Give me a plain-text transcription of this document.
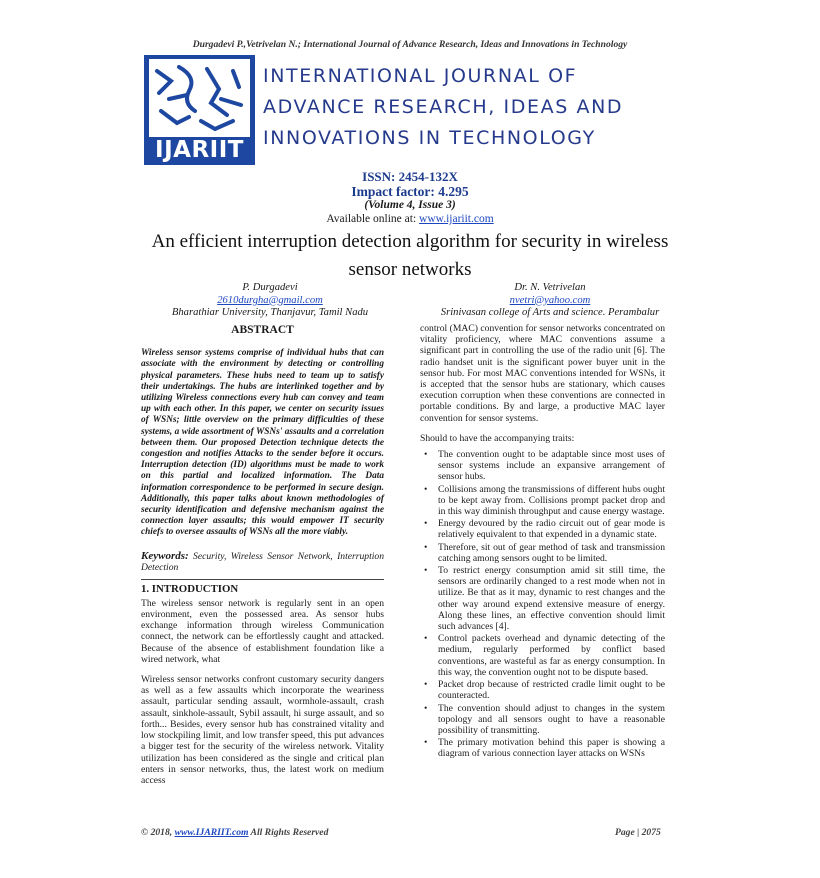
Durgadevi P.,Vetrivelan N.; International Journal of Advance Research, Ideas and Innovations in Technology
IJARIIT
INTERNATIONAL JOURNAL OF
ADVANCE RESEARCH, IDEAS AND
INNOVATIONS IN TECHNOLOGY
ISSN: 2454-132X
Impact factor: 4.295
(Volume 4, Issue 3)
Available online at: www.ijariit.com
An efficient interruption detection algorithm for security in wireless sensor networks
P. Durgadevi
2610durgha@gmail.com
Bharathiar University, Thanjavur, Tamil Nadu
Dr. N. Vetrivelan
nvetri@yahoo.com
Srinivasan college of Arts and science. Perambalur
ABSTRACT
Wireless sensor systems comprise of individual hubs that can associate with the environment by detecting or controlling physical parameters. These hubs need to team up to satisfy their undertakings. The hubs are interlinked together and by utilizing Wireless connections every hub can convey and team up with each other. In this paper, we center on security issues of WSNs; little overview on the primary difficulties of these systems, a wide assortment of WSNs' assaults and a correlation between them. Our proposed Detection technique detects the congestion and notifies Attacks to the sender before it occurs. Interruption detection (ID) algorithms must be made to work on this partial and localized information. The Data information correspondence to be performed in secure design. Additionally, this paper talks about known methodologies of security identification and defensive mechanism against the connection layer assaults; this would empower IT security chiefs to oversee assaults of WSNs all the more viably.
Keywords: Security, Wireless Sensor Network, Interruption Detection
1. INTRODUCTION
The wireless sensor network is regularly sent in an open environment, even the possessed area. As sensor hubs exchange information through wireless Communication connect, the network can be effortlessly caught and attacked. Because of the absence of establishment foundation like a wired network, what
Wireless sensor networks confront customary security dangers as well as a few assaults which incorporate the weariness assault, particular sending assault, wormhole-assault, crash assault, sinkhole-assault, Sybil assault, hi surge assault, and so forth... Besides, every sensor hub has constrained vitality and low stockpiling limit, and low transfer speed, this put advances a bigger test for the security of the wireless network. Vitality utilization has been considered as the single and critical plan enters in sensor networks, thus, the latest work on medium access
control (MAC) convention for sensor networks concentrated on vitality proficiency, where MAC conventions assume a significant part in controlling the use of the radio unit [6]. The radio handset unit is the significant power buyer unit in the sensor hub. For most MAC conventions intended for WSNs, it is accepted that the sensor hubs are stationary, which causes execution corruption when these conventions are connected in portable conditions. By and large, a productive MAC layer convention for sensor systems.
Should to have the accompanying traits:
• The convention ought to be adaptable since most uses of sensor systems include an expansive arrangement of sensor hubs.
• Collisions among the transmissions of different hubs ought to be kept away from. Collisions prompt packet drop and in this way diminish throughput and cause energy wastage.
• Energy devoured by the radio circuit out of gear mode is relatively equivalent to that expended in a dynamic state.
• Therefore, sit out of gear method of task and transmission catching among sensors ought to be limited.
• To restrict energy consumption amid sit still time, the sensors are ordinarily changed to a rest mode when not in utilize. Be that as it may, dynamic to rest changes and the other way around expend extensive measure of energy. Along these lines, an effective convention should limit such advances [4].
• Control packets overhead and dynamic detecting of the medium, regularly performed by conflict based conventions, are wasteful as far as energy consumption. In this way, the convention ought not to be dispute based.
• Packet drop because of restricted cradle limit ought to be counteracted.
• The convention should adjust to changes in the system topology and all sensors ought to have a reasonable possibility of transmitting.
• The primary motivation behind this paper is showing a diagram of various connection layer attacks on WSNs
© 2018, www.IJARIIT.com All Rights Reserved	Page | 2075
